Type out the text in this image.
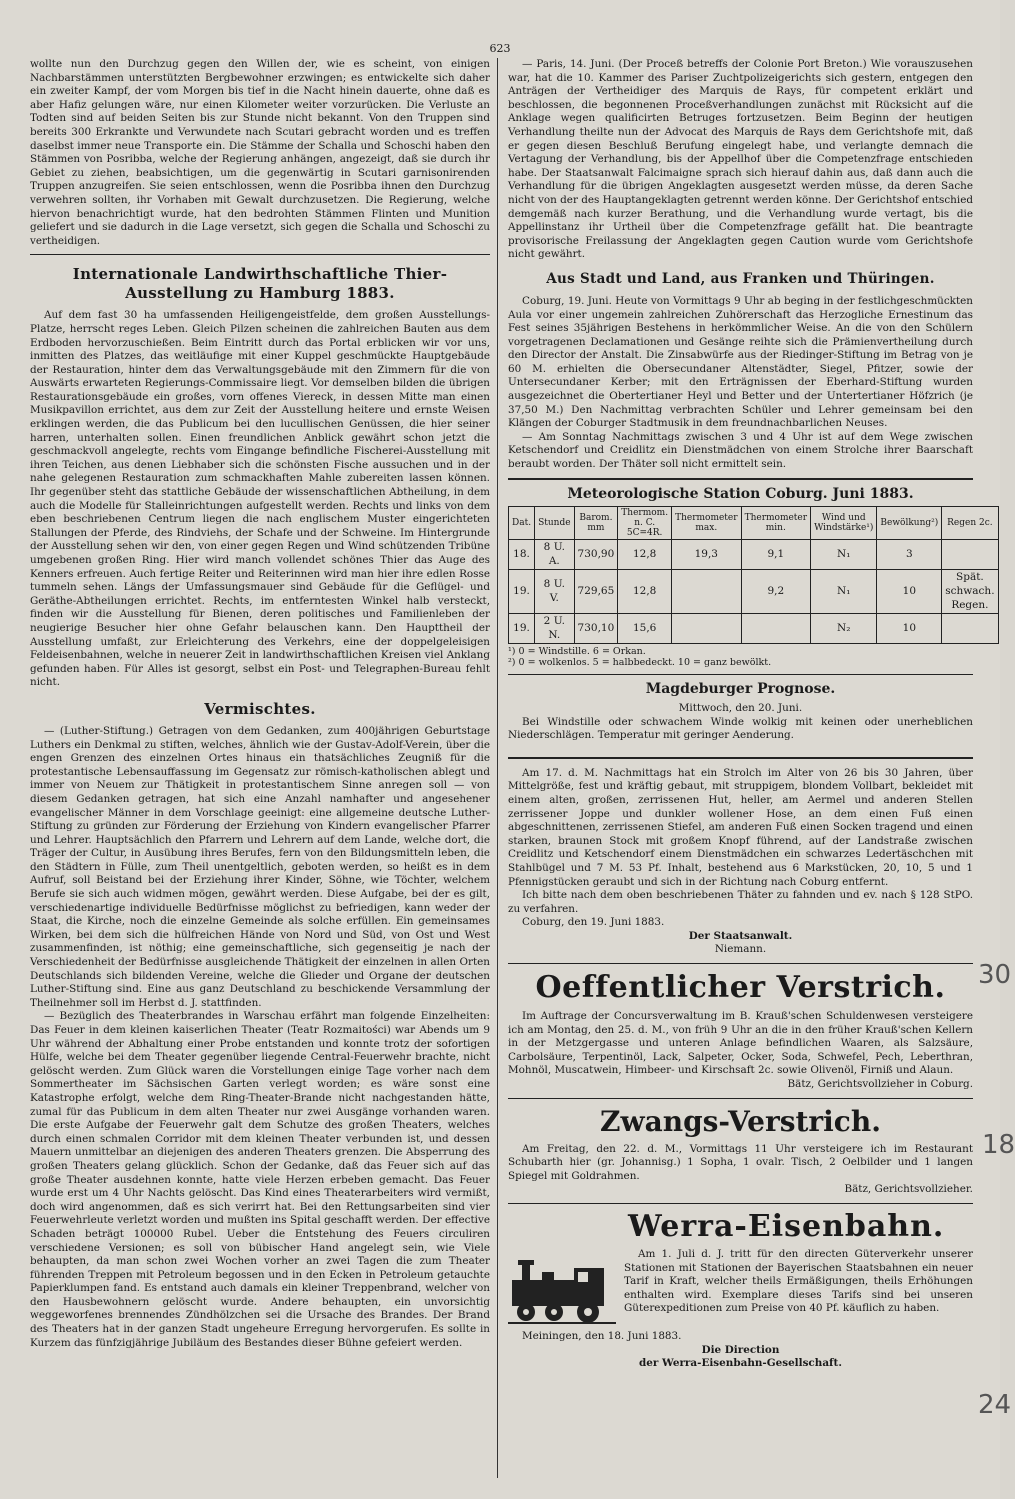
623

wollte nun den Durchzug gegen den Willen der, wie es scheint, von einigen Nachbarstämmen unterstützten Bergbewohner erzwingen; es entwickelte sich daher ein zweiter Kampf, der vom Morgen bis tief in die Nacht hinein dauerte, ohne daß es aber Hafiz gelungen wäre, nur einen Kilometer weiter vorzurücken. Die Verluste an Todten sind auf beiden Seiten bis zur Stunde nicht bekannt. Von den Truppen sind bereits 300 Erkrankte und Verwundete nach Scutari gebracht worden und es treffen daselbst immer neue Transporte ein. Die Stämme der Schalla und Schoschi haben den Stämmen von Posribba, welche der Regierung anhängen, angezeigt, daß sie durch ihr Gebiet zu ziehen, beabsichtigen, um die gegenwärtig in Scutari garnisonirenden Truppen anzugreifen. Sie seien entschlossen, wenn die Posribba ihnen den Durchzug verwehren sollten, ihr Vorhaben mit Gewalt durchzusetzen. Die Regierung, welche hiervon benachrichtigt wurde, hat den bedrohten Stämmen Flinten und Munition geliefert und sie dadurch in die Lage versetzt, sich gegen die Schalla und Schoschi zu vertheidigen.

Internationale Landwirthschaftliche Thier-Ausstellung zu Hamburg 1883.

Auf dem fast 30 ha umfassenden Heiligengeistfelde, dem großen Ausstellungs-Platze, herrscht reges Leben. Gleich Pilzen scheinen die zahlreichen Bauten aus dem Erdboden hervorzuschießen. Beim Eintritt durch das Portal erblicken wir vor uns, inmitten des Platzes, das weitläufige mit einer Kuppel geschmückte Hauptgebäude der Restauration, hinter dem das Verwaltungsgebäude mit den Zimmern für die von Auswärts erwarteten Regierungs-Commissaire liegt. Vor demselben bilden die übrigen Restaurationsgebäude ein großes, vorn offenes Viereck, in dessen Mitte man einen Musikpavillon errichtet, aus dem zur Zeit der Ausstellung heitere und ernste Weisen erklingen werden, die das Publicum bei den lucullischen Genüssen, die hier seiner harren, unterhalten sollen. Einen freundlichen Anblick gewährt schon jetzt die geschmackvoll angelegte, rechts vom Eingange befindliche Fischerei-Ausstellung mit ihren Teichen, aus denen Liebhaber sich die schönsten Fische aussuchen und in der nahe gelegenen Restauration zum schmackhaften Mahle zubereiten lassen können. Ihr gegenüber steht das stattliche Gebäude der wissenschaftlichen Abtheilung, in dem auch die Modelle für Stalleinrichtungen aufgestellt werden. Rechts und links von dem eben beschriebenen Centrum liegen die nach englischem Muster eingerichteten Stallungen der Pferde, des Rindviehs, der Schafe und der Schweine. Im Hintergrunde der Ausstellung sehen wir den, von einer gegen Regen und Wind schützenden Tribüne umgebenen großen Ring. Hier wird manch vollendet schönes Thier das Auge des Kenners erfreuen. Auch fertige Reiter und Reiterinnen wird man hier ihre edlen Rosse tummeln sehen. Längs der Umfassungsmauer sind Gebäude für die Geflügel- und Geräthe-Abtheilungen errichtet. Rechts, im entferntesten Winkel halb versteckt, finden wir die Ausstellung für Bienen, deren politisches und Familienleben der neugierige Besucher hier ohne Gefahr belauschen kann. Den Haupttheil der Ausstellung umfaßt, zur Erleichterung des Verkehrs, eine der doppelgeleisigen Feldeisenbahnen, welche in neuerer Zeit in landwirthschaftlichen Kreisen viel Anklang gefunden haben. Für Alles ist gesorgt, selbst ein Post- und Telegraphen-Bureau fehlt nicht.

Vermischtes.

— (Luther-Stiftung.) Getragen von dem Gedanken, zum 400jährigen Geburtstage Luthers ein Denkmal zu stiften, welches, ähnlich wie der Gustav-Adolf-Verein, über die engen Grenzen des einzelnen Ortes hinaus ein thatsächliches Zeugniß für die protestantische Lebensauffassung im Gegensatz zur römisch-katholischen ablegt und immer von Neuem zur Thätigkeit in protestantischem Sinne anregen soll — von diesem Gedanken getragen, hat sich eine Anzahl namhafter und angesehener evangelischer Männer in dem Vorschlage geeinigt: eine allgemeine deutsche Luther-Stiftung zu gründen zur Förderung der Erziehung von Kindern evangelischer Pfarrer und Lehrer. Hauptsächlich den Pfarrern und Lehrern auf dem Lande, welche dort, die Träger der Cultur, in Ausübung ihres Berufes, fern von den Bildungsmitteln leben, die den Städtern in Fülle, zum Theil unentgeltlich, geboten werden, so heißt es in dem Aufruf, soll Beistand bei der Erziehung ihrer Kinder, Söhne, wie Töchter, welchem Berufe sie sich auch widmen mögen, gewährt werden. Diese Aufgabe, bei der es gilt, verschiedenartige individuelle Bedürfnisse möglichst zu befriedigen, kann weder der Staat, die Kirche, noch die einzelne Gemeinde als solche erfüllen. Ein gemeinsames Wirken, bei dem sich die hülfreichen Hände von Nord und Süd, von Ost und West zusammenfinden, ist nöthig; eine gemeinschaftliche, sich gegenseitig je nach der Verschiedenheit der Bedürfnisse ausgleichende Thätigkeit der einzelnen in allen Orten Deutschlands sich bildenden Vereine, welche die Glieder und Organe der deutschen Luther-Stiftung sind. Eine aus ganz Deutschland zu beschickende Versammlung der Theilnehmer soll im Herbst d. J. stattfinden.

— Bezüglich des Theaterbrandes in Warschau erfährt man folgende Einzelheiten: Das Feuer in dem kleinen kaiserlichen Theater (Teatr Rozmaitości) war Abends um 9 Uhr während der Abhaltung einer Probe entstanden und konnte trotz der sofortigen Hülfe, welche bei dem Theater gegenüber liegende Central-Feuerwehr brachte, nicht gelöscht werden. Zum Glück waren die Vorstellungen einige Tage vorher nach dem Sommertheater im Sächsischen Garten verlegt worden; es wäre sonst eine Katastrophe erfolgt, welche dem Ring-Theater-Brande nicht nachgestanden hätte, zumal für das Publicum in dem alten Theater nur zwei Ausgänge vorhanden waren. Die erste Aufgabe der Feuerwehr galt dem Schutze des großen Theaters, welches durch einen schmalen Corridor mit dem kleinen Theater verbunden ist, und dessen Mauern unmittelbar an diejenigen des anderen Theaters grenzen. Die Absperrung des großen Theaters gelang glücklich. Schon der Gedanke, daß das Feuer sich auf das große Theater ausdehnen konnte, hatte viele Herzen erbeben gemacht. Das Feuer wurde erst um 4 Uhr Nachts gelöscht. Das Kind eines Theaterarbeiters wird vermißt, doch wird angenommen, daß es sich verirrt hat. Bei den Rettungsarbeiten sind vier Feuerwehrleute verletzt worden und mußten ins Spital geschafft werden. Der effective Schaden beträgt 100000 Rubel. Ueber die Entstehung des Feuers circuliren verschiedene Versionen; es soll von bübischer Hand angelegt sein, wie Viele behaupten, da man schon zwei Wochen vorher an zwei Tagen die zum Theater führenden Treppen mit Petroleum begossen und in den Ecken in Petroleum getauchte Papierklumpen fand. Es entstand auch damals ein kleiner Treppenbrand, welcher von den Hausbewohnern gelöscht wurde. Andere behaupten, ein unvorsichtig weggeworfenes brennendes Zündhölzchen sei die Ursache des Brandes. Der Brand des Theaters hat in der ganzen Stadt ungeheure Erregung hervorgerufen. Es sollte in Kurzem das fünfzigjährige Jubiläum des Bestandes dieser Bühne gefeiert werden.

— Paris, 14. Juni. (Der Proceß betreffs der Colonie Port Breton.) Wie vorauszusehen war, hat die 10. Kammer des Pariser Zuchtpolizeigerichts sich gestern, entgegen den Anträgen der Vertheidiger des Marquis de Rays, für competent erklärt und beschlossen, die begonnenen Proceßverhandlungen zunächst mit Rücksicht auf die Anklage wegen qualificirten Betruges fortzusetzen. Beim Beginn der heutigen Verhandlung theilte nun der Advocat des Marquis de Rays dem Gerichtshofe mit, daß er gegen diesen Beschluß Berufung eingelegt habe, und verlangte demnach die Vertagung der Verhandlung, bis der Appellhof über die Competenzfrage entschieden habe. Der Staatsanwalt Falcimaigne sprach sich hierauf dahin aus, daß dann auch die Verhandlung für die übrigen Angeklagten ausgesetzt werden müsse, da deren Sache nicht von der des Hauptangeklagten getrennt werden könne. Der Gerichtshof entschied demgemäß nach kurzer Berathung, und die Verhandlung wurde vertagt, bis die Appellinstanz ihr Urtheil über die Competenzfrage gefällt hat. Die beantragte provisorische Freilassung der Angeklagten gegen Caution wurde vom Gerichtshofe nicht gewährt.

Aus Stadt und Land, aus Franken und Thüringen.

Coburg, 19. Juni. Heute von Vormittags 9 Uhr ab beging in der festlichgeschmückten Aula vor einer ungemein zahlreichen Zuhörerschaft das Herzogliche Ernestinum das Fest seines 35jährigen Bestehens in herkömmlicher Weise. An die von den Schülern vorgetragenen Declamationen und Gesänge reihte sich die Prämienvertheilung durch den Director der Anstalt. Die Zinsabwürfe aus der Riedinger-Stiftung im Betrag von je 60 M. erhielten die Obersecundaner Altenstädter, Siegel, Pfitzer, sowie der Untersecundaner Kerber; mit den Erträgnissen der Eberhard-Stiftung wurden ausgezeichnet die Obertertianer Heyl und Better und der Untertertianer Höfzrich (je 37,50 M.) Den Nachmittag verbrachten Schüler und Lehrer gemeinsam bei den Klängen der Coburger Stadtmusik in dem freundnachbarlichen Neuses.

— Am Sonntag Nachmittags zwischen 3 und 4 Uhr ist auf dem Wege zwischen Ketschendorf und Creidlitz ein Dienstmädchen von einem Strolche ihrer Baarschaft beraubt worden. Der Thäter soll nicht ermittelt sein.

Meteorologische Station Coburg. Juni 1883.
Dat.	Stunde	Barom. mm	Thermom. n. C. 5C=4R.	Thermometer max.	Thermometer min.	Wind und Windstärke¹)	Bewölkung²)	Regen 2c.
18.	8 U. A.	730,90	12,8	19,3	9,1	N₁	3	
19.	8 U. V.	729,65	12,8		9,2	N₁	10	Spät. schwach. Regen.
19.	2 U. N.	730,10	15,6			N₂	10	
¹) 0 = Windstille. 6 = Orkan.
²) 0 = wolkenlos. 5 = halbbedeckt. 10 = ganz bewölkt.
Magdeburger Prognose.

Mittwoch, den 20. Juni.

Bei Windstille oder schwachem Winde wolkig mit keinen oder unerheblichen Niederschlägen. Temperatur mit geringer Aenderung.

Am 17. d. M. Nachmittags hat ein Strolch im Alter von 26 bis 30 Jahren, über Mittelgröße, fest und kräftig gebaut, mit struppigem, blondem Vollbart, bekleidet mit einem alten, großen, zerrissenen Hut, heller, am Aermel und anderen Stellen zerrissener Joppe und dunkler wollener Hose, an dem einen Fuß einen abgeschnittenen, zerrissenen Stiefel, am anderen Fuß einen Socken tragend und einen starken, braunen Stock mit großem Knopf führend, auf der Landstraße zwischen Creidlitz und Ketschendorf einem Dienstmädchen ein schwarzes Ledertäschchen mit Stahlbügel und 7 M. 53 Pf. Inhalt, bestehend aus 6 Markstücken, 20, 10, 5 und 1 Pfennigstücken geraubt und sich in der Richtung nach Coburg entfernt.

Ich bitte nach dem oben beschriebenen Thäter zu fahnden und ev. nach § 128 StPO. zu verfahren.

Coburg, den 19. Juni 1883.

Der Staatsanwalt.

Niemann.

Oeffentlicher Verstrich.

Im Auftrage der Concursverwaltung im B. Krauß'schen Schuldenwesen versteigere ich am Montag, den 25. d. M., von früh 9 Uhr an die in den früher Krauß'schen Kellern in der Metzgergasse und unteren Anlage befindlichen Waaren, als Salzsäure, Carbolsäure, Terpentinöl, Lack, Salpeter, Ocker, Soda, Schwefel, Pech, Leberthran, Mohnöl, Muscatwein, Himbeer- und Kirschsaft 2c. sowie Olivenöl, Firniß und Alaun.

Bätz, Gerichtsvollzieher in Coburg.

Zwangs-Verstrich.

Am Freitag, den 22. d. M., Vormittags 11 Uhr versteigere ich im Restaurant Schubarth hier (gr. Johannisg.) 1 Sopha, 1 ovalr. Tisch, 2 Oelbilder und 1 langen Spiegel mit Goldrahmen.

Bätz, Gerichtsvollzieher.

Werra-Eisenbahn.

Am 1. Juli d. J. tritt für den directen Güterverkehr unserer Stationen mit Stationen der Bayerischen Staatsbahnen ein neuer Tarif in Kraft, welcher theils Ermäßigungen, theils Erhöhungen enthalten wird. Exemplare dieses Tarifs sind bei unseren Güterexpeditionen zum Preise von 40 Pf. käuflich zu haben.

Meiningen, den 18. Juni 1883.

Die Direction

der Werra-Eisenbahn-Gesellschaft.

30
18
24
